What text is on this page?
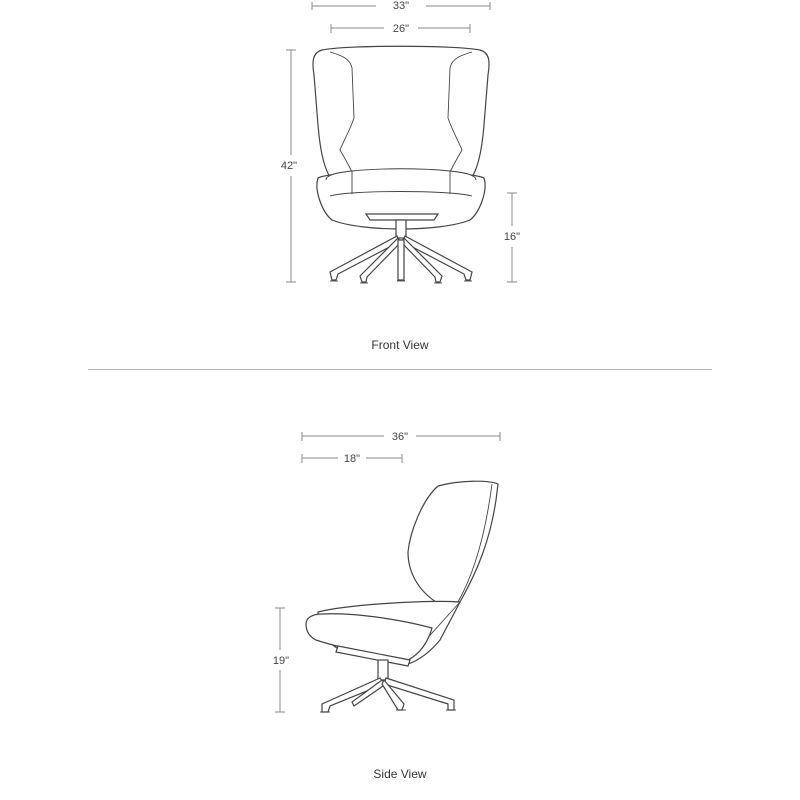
33"
26"
42"
16"
36"
18"
19"
Front View
Side View
